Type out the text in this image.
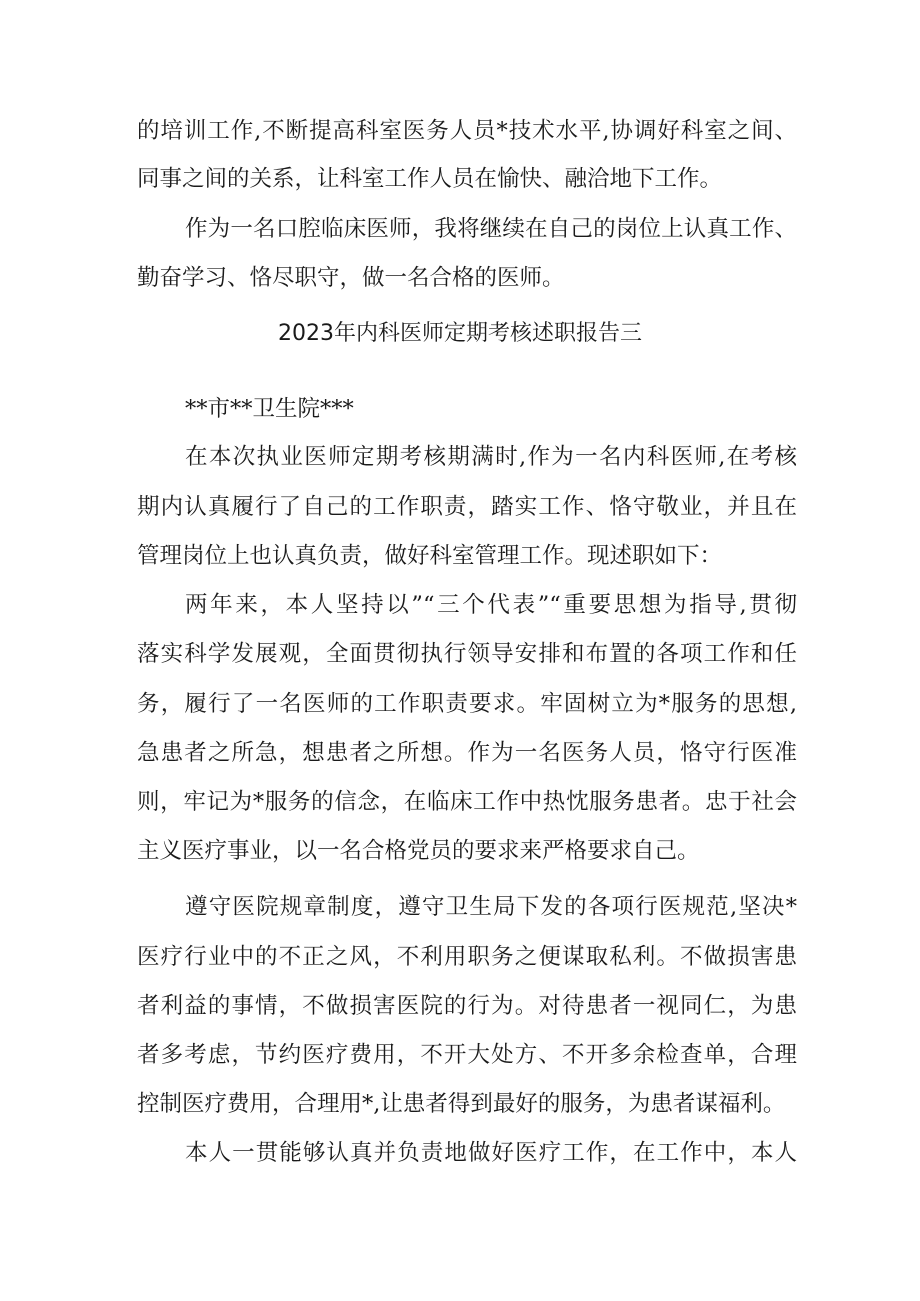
的培训工作,不断提高科室医务人员*技术水平,协调好科室之间、
同事之间的关系，让科室工作人员在愉快、融洽地下工作。
作为一名口腔临床医师，我将继续在自己的岗位上认真工作、
勤奋学习、恪尽职守，做一名合格的医师。
2023年内科医师定期考核述职报告三
**市**卫生院***
在本次执业医师定期考核期满时,作为一名内科医师,在考核
期内认真履行了自己的工作职责，踏实工作、恪守敬业，并且在
管理岗位上也认真负责，做好科室管理工作。现述职如下：
两年来，本人坚持以”“三个代表”“重要思想为指导,贯彻
落实科学发展观，全面贯彻执行领导安排和布置的各项工作和任
务，履行了一名医师的工作职责要求。牢固树立为*服务的思想,
急患者之所急，想患者之所想。作为一名医务人员，恪守行医准
则，牢记为*服务的信念，在临床工作中热忱服务患者。忠于社会
主义医疗事业，以一名合格党员的要求来严格要求自己。
遵守医院规章制度，遵守卫生局下发的各项行医规范,坚决*
医疗行业中的不正之风，不利用职务之便谋取私利。不做损害患
者利益的事情，不做损害医院的行为。对待患者一视同仁，为患
者多考虑，节约医疗费用，不开大处方、不开多余检查单，合理
控制医疗费用，合理用*,让患者得到最好的服务，为患者谋福利。
本人一贯能够认真并负责地做好医疗工作，在工作中，本人
